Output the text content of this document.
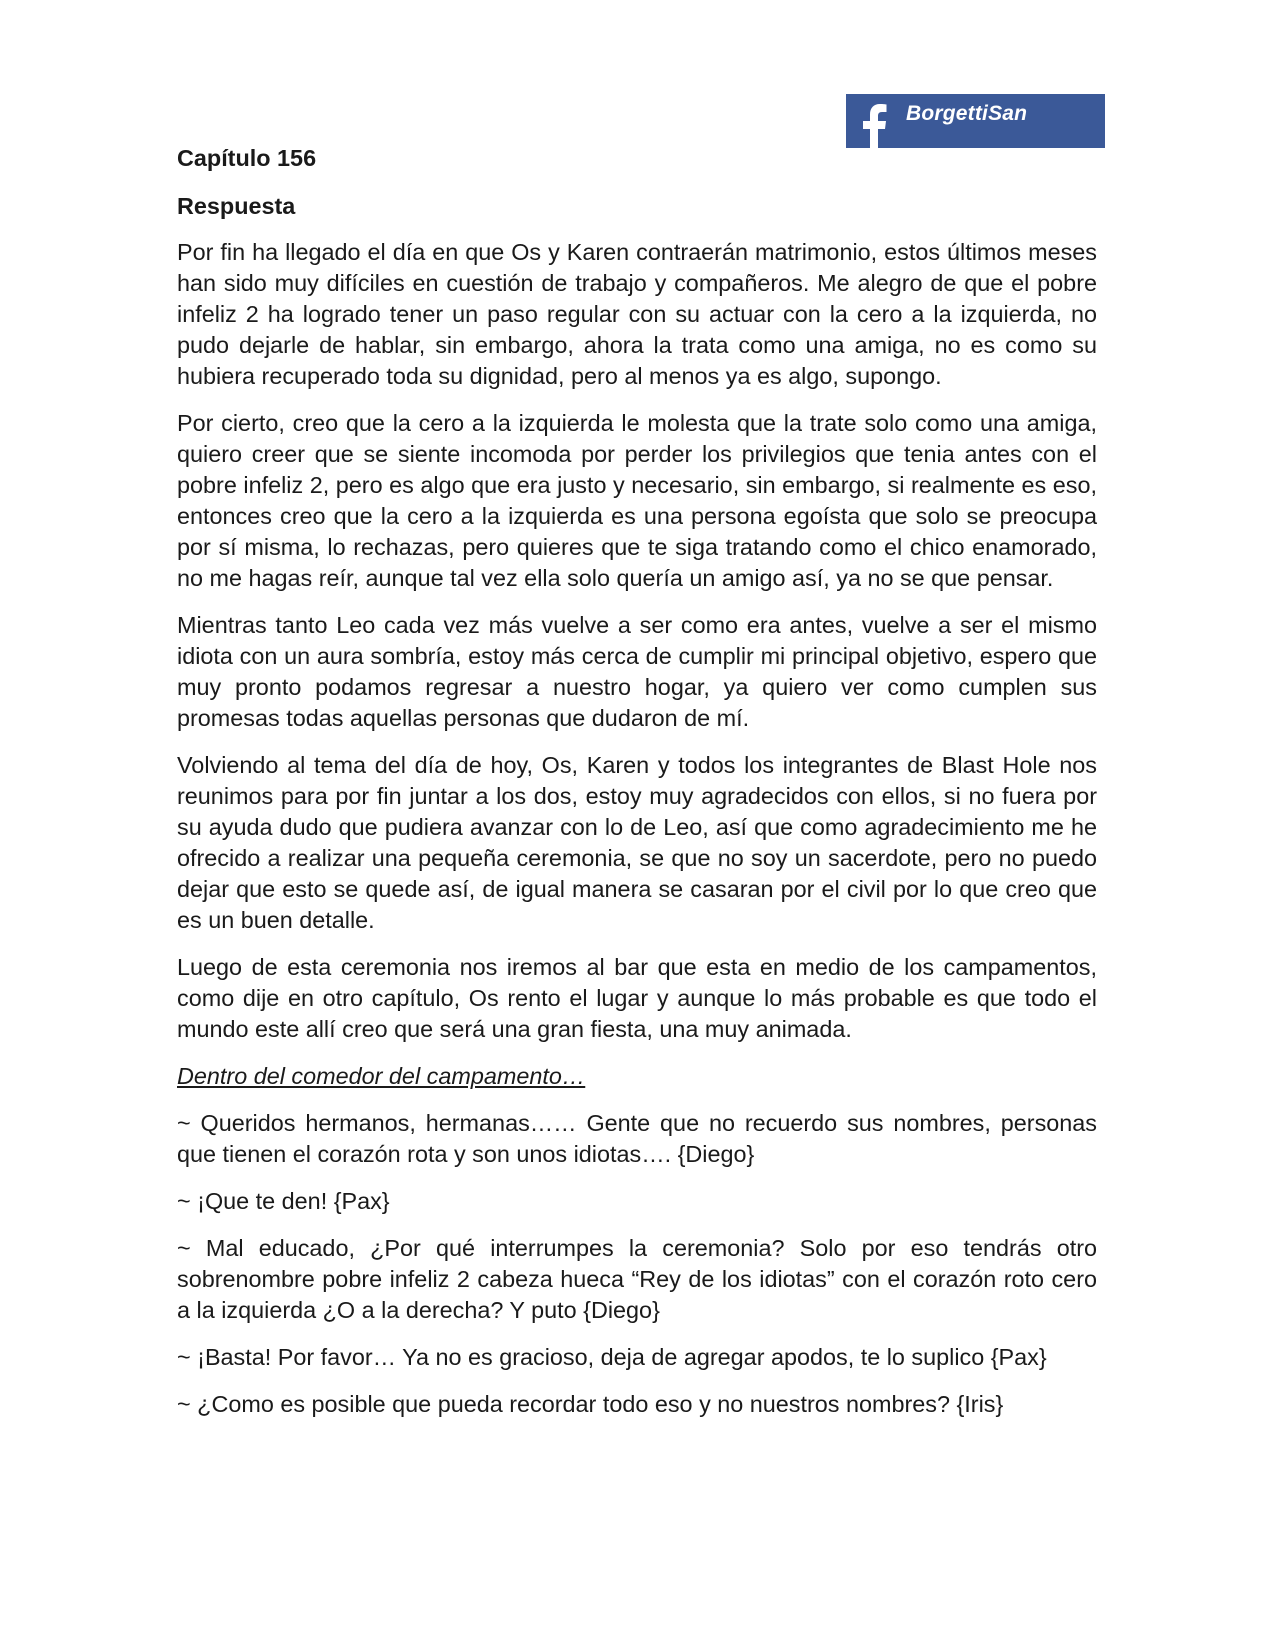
BorgettiSan
Capítulo 156
Respuesta

Por fin ha llegado el día en que Os y Karen contraerán matrimonio, estos últimos meses han sido muy difíciles en cuestión de trabajo y compañeros. Me alegro de que el pobre infeliz 2 ha logrado tener un paso regular con su actuar con la cero a la izquierda, no pudo dejarle de hablar, sin embargo, ahora la trata como una amiga, no es como su hubiera recuperado toda su dignidad, pero al menos ya es algo, supongo.

Por cierto, creo que la cero a la izquierda le molesta que la trate solo como una amiga, quiero creer que se siente incomoda por perder los privilegios que tenia antes con el pobre infeliz 2, pero es algo que era justo y necesario, sin embargo, si realmente es eso, entonces creo que la cero a la izquierda es una persona egoísta que solo se preocupa por sí misma, lo rechazas, pero quieres que te siga tratando como el chico enamorado, no me hagas reír, aunque tal vez ella solo quería un amigo así, ya no se que pensar.

Mientras tanto Leo cada vez más vuelve a ser como era antes, vuelve a ser el mismo idiota con un aura sombría, estoy más cerca de cumplir mi principal objetivo, espero que muy pronto podamos regresar a nuestro hogar, ya quiero ver como cumplen sus promesas todas aquellas personas que dudaron de mí.

Volviendo al tema del día de hoy, Os, Karen y todos los integrantes de Blast Hole nos reunimos para por fin juntar a los dos, estoy muy agradecidos con ellos, si no fuera por su ayuda dudo que pudiera avanzar con lo de Leo, así que como agradecimiento me he ofrecido a realizar una pequeña ceremonia, se que no soy un sacerdote, pero no puedo dejar que esto se quede así, de igual manera se casaran por el civil por lo que creo que es un buen detalle.

Luego de esta ceremonia nos iremos al bar que esta en medio de los campamentos, como dije en otro capítulo, Os rento el lugar y aunque lo más probable es que todo el mundo este allí creo que será una gran fiesta, una muy animada.

Dentro del comedor del campamento…

~ Queridos hermanos, hermanas…… Gente que no recuerdo sus nombres, personas que tienen el corazón rota y son unos idiotas…. {Diego}

~ ¡Que te den! {Pax}

~ Mal educado, ¿Por qué interrumpes la ceremonia? Solo por eso tendrás otro sobrenombre pobre infeliz 2 cabeza hueca “Rey de los idiotas” con el corazón roto cero a la izquierda ¿O a la derecha? Y puto {Diego}

~ ¡Basta! Por favor… Ya no es gracioso, deja de agregar apodos, te lo suplico {Pax}

~ ¿Como es posible que pueda recordar todo eso y no nuestros nombres? {Iris}
